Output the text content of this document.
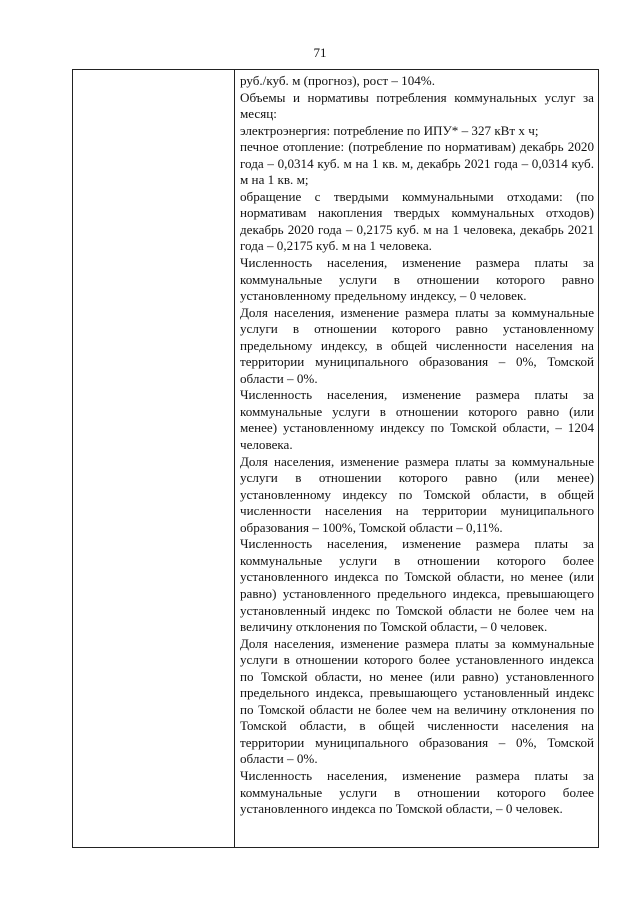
71

руб./куб. м (прогноз), рост – 104%.

Объемы и нормативы потребления коммунальных услуг за месяц:

электроэнергия: потребление по ИПУ* – 327 кВт х ч;

печное отопление: (потребление по нормативам) декабрь 2020 года – 0,0314 куб. м на 1 кв. м, декабрь 2021 года – 0,0314 куб. м на 1 кв. м;

обращение с твердыми коммунальными отходами: (по нормативам накопления твердых коммунальных отходов) декабрь 2020 года – 0,2175 куб. м на 1 человека, декабрь 2021 года – 0,2175 куб. м на 1 человека.

Численность населения, изменение размера платы за коммунальные услуги в отношении которого равно установленному предельному индексу, – 0 человек.

Доля населения, изменение размера платы за коммунальные услуги в отношении которого равно установленному предельному индексу, в общей численности населения на территории муниципального образования – 0%, Томской области – 0%.

Численность населения, изменение размера платы за коммунальные услуги в отношении которого равно (или менее) установленному индексу по Томской области, – 1204 человека.

Доля населения, изменение размера платы за коммунальные услуги в отношении которого равно (или менее) установленному индексу по Томской области, в общей численности населения на территории муниципального образования – 100%, Томской области – 0,11%.

Численность населения, изменение размера платы за коммунальные услуги в отношении которого более установленного индекса по Томской области, но менее (или равно) установленного предельного индекса, превышающего установленный индекс по Томской области не более чем на величину отклонения по Томской области, – 0 человек.

Доля населения, изменение размера платы за коммунальные услуги в отношении которого более установленного индекса по Томской области, но менее (или равно) установленного предельного индекса, превышающего установленный индекс по Томской области не более чем на величину отклонения по Томской области, в общей численности населения на территории муниципального образования – 0%, Томской области – 0%.

Численность населения, изменение размера платы за коммунальные услуги в отношении которого более установленного индекса по Томской области, – 0 человек.
